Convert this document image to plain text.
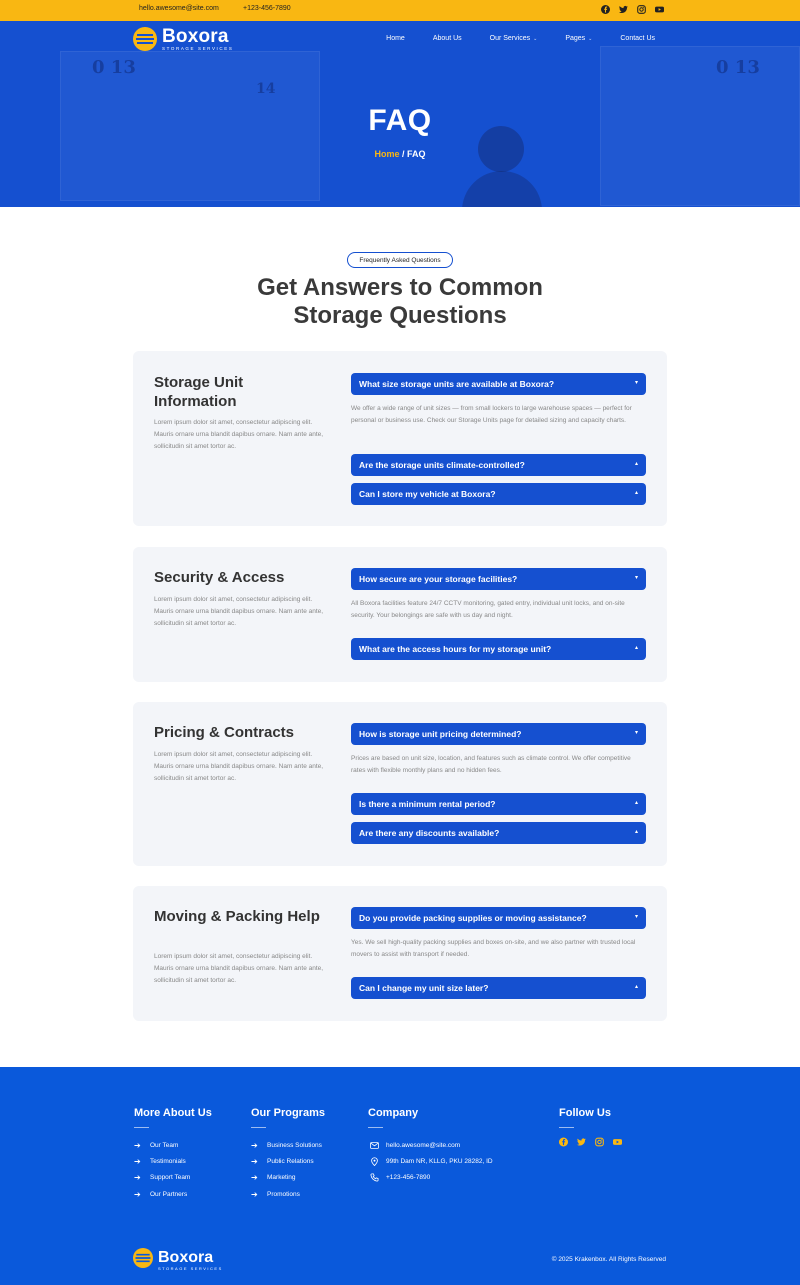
hello.awesome@site.com	+123-456-7890
0 13
14
0 13
Boxora
STORAGE SERVICES
Home	About Us	Our Services ⌄	Pages ⌄	Contact Us
FAQ
Home / FAQ
Frequently Asked Questions
Get Answers to Common
Storage Questions
Storage Unit Information

Lorem ipsum dolor sit amet, consectetur adipiscing elit. Mauris ornare urna blandit dapibus ornare. Nam ante ante, sollicitudin sit amet tortor ac.

What size storage units are available at Boxora?	▾

We offer a wide range of unit sizes — from small lockers to large warehouse spaces — perfect for personal or business use. Check our Storage Units page for detailed sizing and capacity charts.

Are the storage units climate-controlled?	▴
Can I store my vehicle at Boxora?	▴
Security & Access

Lorem ipsum dolor sit amet, consectetur adipiscing elit. Mauris ornare urna blandit dapibus ornare. Nam ante ante, sollicitudin sit amet tortor ac.

How secure are your storage facilities?	▾

All Boxora facilities feature 24/7 CCTV monitoring, gated entry, individual unit locks, and on-site security. Your belongings are safe with us day and night.

What are the access hours for my storage unit?	▴
Pricing & Contracts

Lorem ipsum dolor sit amet, consectetur adipiscing elit. Mauris ornare urna blandit dapibus ornare. Nam ante ante, sollicitudin sit amet tortor ac.

How is storage unit pricing determined?	▾

Prices are based on unit size, location, and features such as climate control. We offer competitive rates with flexible monthly plans and no hidden fees.

Is there a minimum rental period?	▴
Are there any discounts available?	▴
Moving & Packing Help

Lorem ipsum dolor sit amet, consectetur adipiscing elit. Mauris ornare urna blandit dapibus ornare. Nam ante ante, sollicitudin sit amet tortor ac.

Do you provide packing supplies or moving assistance?	▾

Yes. We sell high-quality packing supplies and boxes on-site, and we also partner with trusted local movers to assist with transport if needed.

Can I change my unit size later?	▴
More About Us
➔	Our Team
➔	Testimonials
➔	Support Team
➔	Our Partners
Our Programs
➔	Business Solutions
➔	Public Relations
➔	Marketing
➔	Promotions
Company
hello.awesome@site.com
99th Dam NR, KLLG, PKU 28282, ID
+123-456-7890
Follow Us
Boxora
STORAGE SERVICES
© 2025 Krakenbox. All Rights Reserved
